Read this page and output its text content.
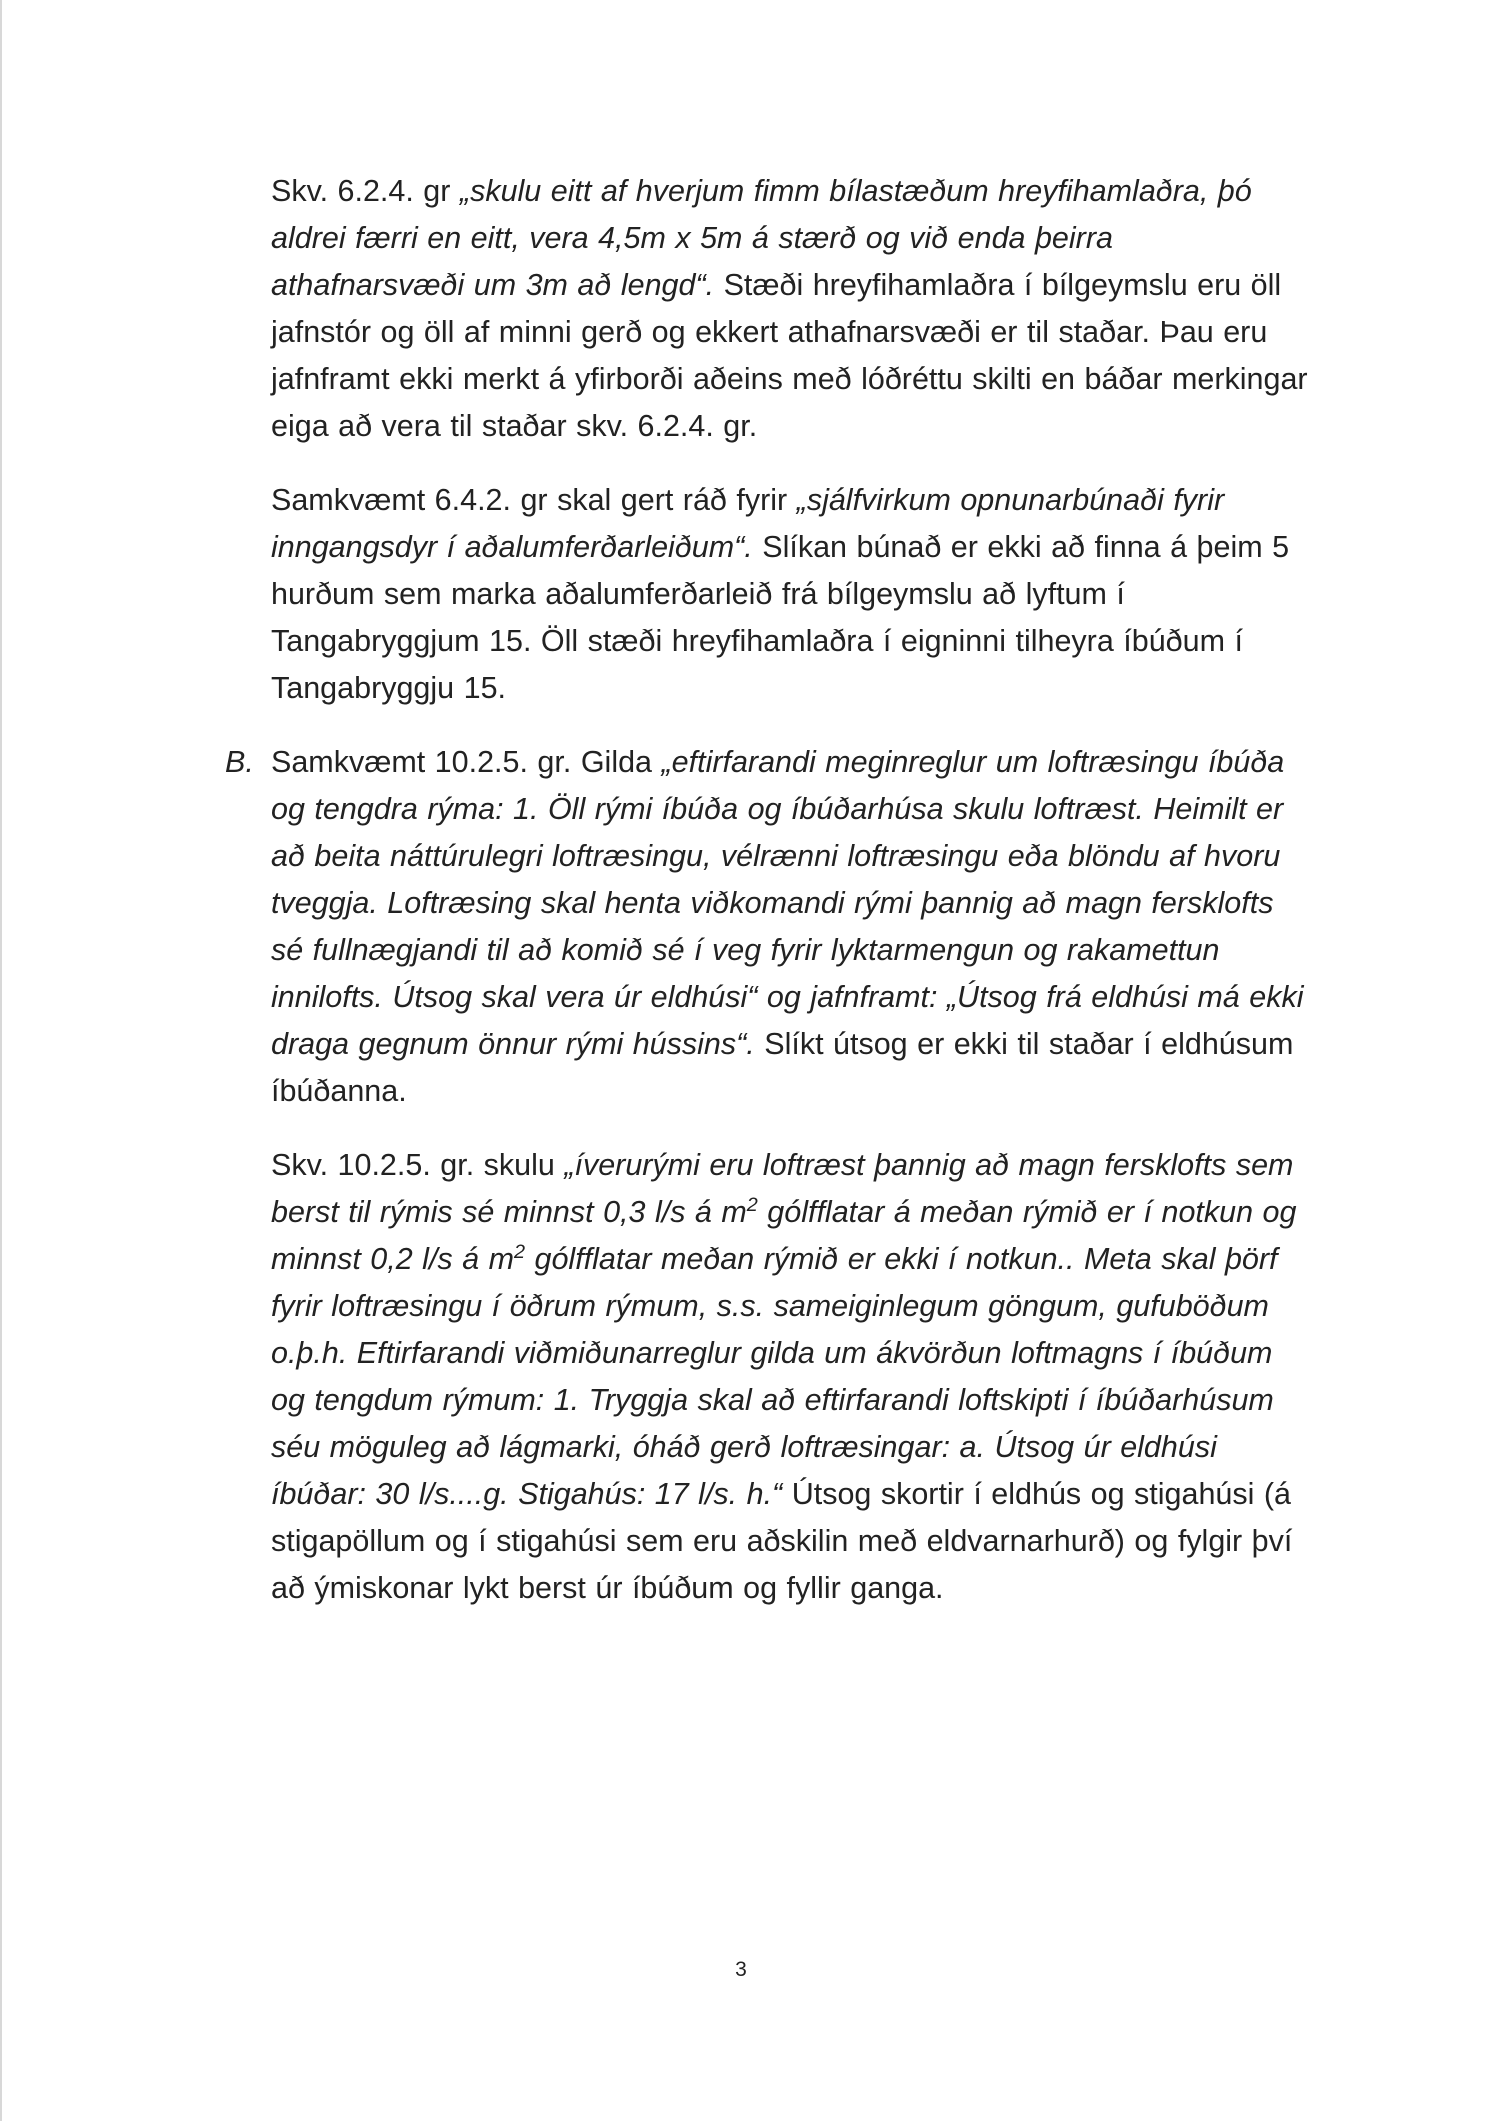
Skv. 6.2.4. gr „skulu eitt af hverjum fimm bílastæðum hreyfihamlaðra, þó aldrei færri en eitt, vera 4,5m x 5m á stærð og við enda þeirra athafnarsvæði um 3m að lengd“. Stæði hreyfihamlaðra í bílgeymslu eru öll jafnstór og öll af minni gerð og ekkert athafnarsvæði er til staðar. Þau eru jafnframt ekki merkt á yfirborði aðeins með lóðréttu skilti en báðar merkingar eiga að vera til staðar skv. 6.2.4. gr.

Samkvæmt 6.4.2. gr skal gert ráð fyrir „sjálfvirkum opnunarbúnaði fyrir inngangsdyr í aðalumferðarleiðum“. Slíkan búnað er ekki að finna á þeim 5 hurðum sem marka aðalumferðarleið frá bílgeymslu að lyftum í Tangabryggjum 15. Öll stæði hreyfihamlaðra í eigninni tilheyra íbúðum í Tangabryggju 15.

B. Samkvæmt 10.2.5. gr. Gilda „eftirfarandi meginreglur um loftræsingu íbúða og tengdra rýma: 1. Öll rými íbúða og íbúðarhúsa skulu loftræst. Heimilt er að beita náttúrulegri loftræsingu, vélrænni loftræsingu eða blöndu af hvoru tveggja. Loftræsing skal henta viðkomandi rými þannig að magn fersklofts sé fullnægjandi til að komið sé í veg fyrir lyktarmengun og rakamettun innilofts. Útsog skal vera úr eldhúsi“ og jafnframt: „Útsog frá eldhúsi má ekki draga gegnum önnur rými hússins“. Slíkt útsog er ekki til staðar í eldhúsum íbúðanna.

Skv. 10.2.5. gr. skulu „íverurými eru loftræst þannig að magn fersklofts sem berst til rýmis sé minnst 0,3 l/s á $m^2$ gólfflatar á meðan rýmið er í notkun og minnst 0,2 l/s á $m^2$ gólfflatar meðan rýmið er ekki í notkun.. Meta skal þörf fyrir loftræsingu í öðrum rýmum, s.s. sameiginlegum göngum, gufuböðum o.þ.h. Eftirfarandi viðmiðunarreglur gilda um ákvörðun loftmagns í íbúðum og tengdum rýmum: 1. Tryggja skal að eftirfarandi loftskipti í íbúðarhúsum séu möguleg að lágmarki, óháð gerð loftræsingar: a. Útsog úr eldhúsi íbúðar: 30 l/s....g. Stigahús: 17 l/s. h.“ Útsog skortir í eldhús og stigahúsi (á stigapöllum og í stigahúsi sem eru aðskilin með eldvarnarhurð) og fylgir því að ýmiskonar lykt berst úr íbúðum og fyllir ganga.

3
